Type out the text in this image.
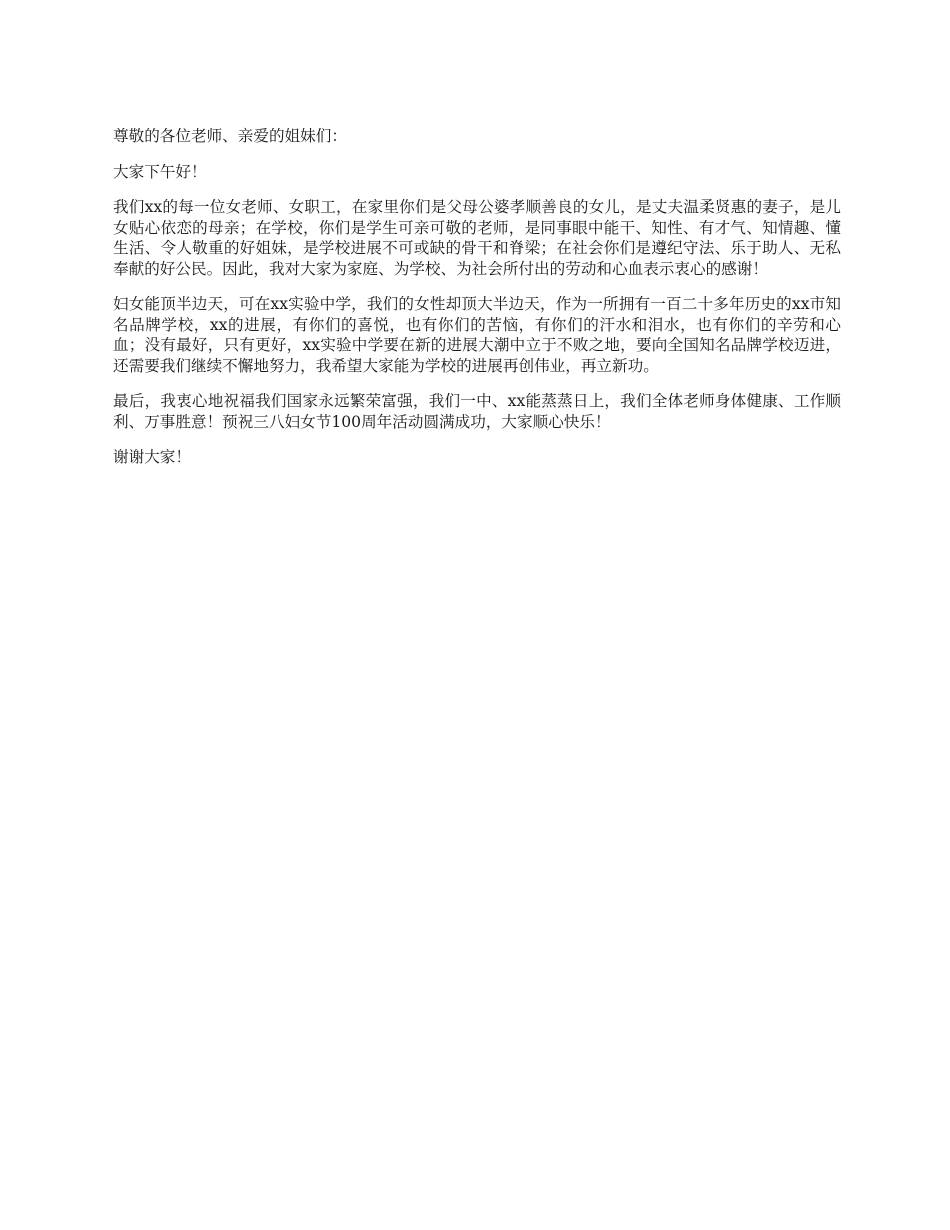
尊敬的各位老师、亲爱的姐妹们：

大家下午好！

我们xx的每一位女老师、女职工，在家里你们是父母公婆孝顺善良的女儿，是丈夫温柔贤惠的妻子，是儿女贴心依恋的母亲；在学校，你们是学生可亲可敬的老师，是同事眼中能干、知性、有才气、知情趣、懂生活、令人敬重的好姐妹，是学校进展不可或缺的骨干和脊梁；在社会你们是遵纪守法、乐于助人、无私奉献的好公民。因此，我对大家为家庭、为学校、为社会所付出的劳动和心血表示衷心的感谢！

妇女能顶半边天，可在xx实验中学，我们的女性却顶大半边天，作为一所拥有一百二十多年历史的xx市知名品牌学校，xx的进展，有你们的喜悦，也有你们的苦恼，有你们的汗水和泪水，也有你们的辛劳和心血；没有最好，只有更好，xx实验中学要在新的进展大潮中立于不败之地，要向全国知名品牌学校迈进，还需要我们继续不懈地努力，我希望大家能为学校的进展再创伟业，再立新功。

最后，我衷心地祝福我们国家永远繁荣富强，我们一中、xx能蒸蒸日上，我们全体老师身体健康、工作顺利、万事胜意！预祝三八妇女节100周年活动圆满成功，大家顺心快乐！

谢谢大家！
